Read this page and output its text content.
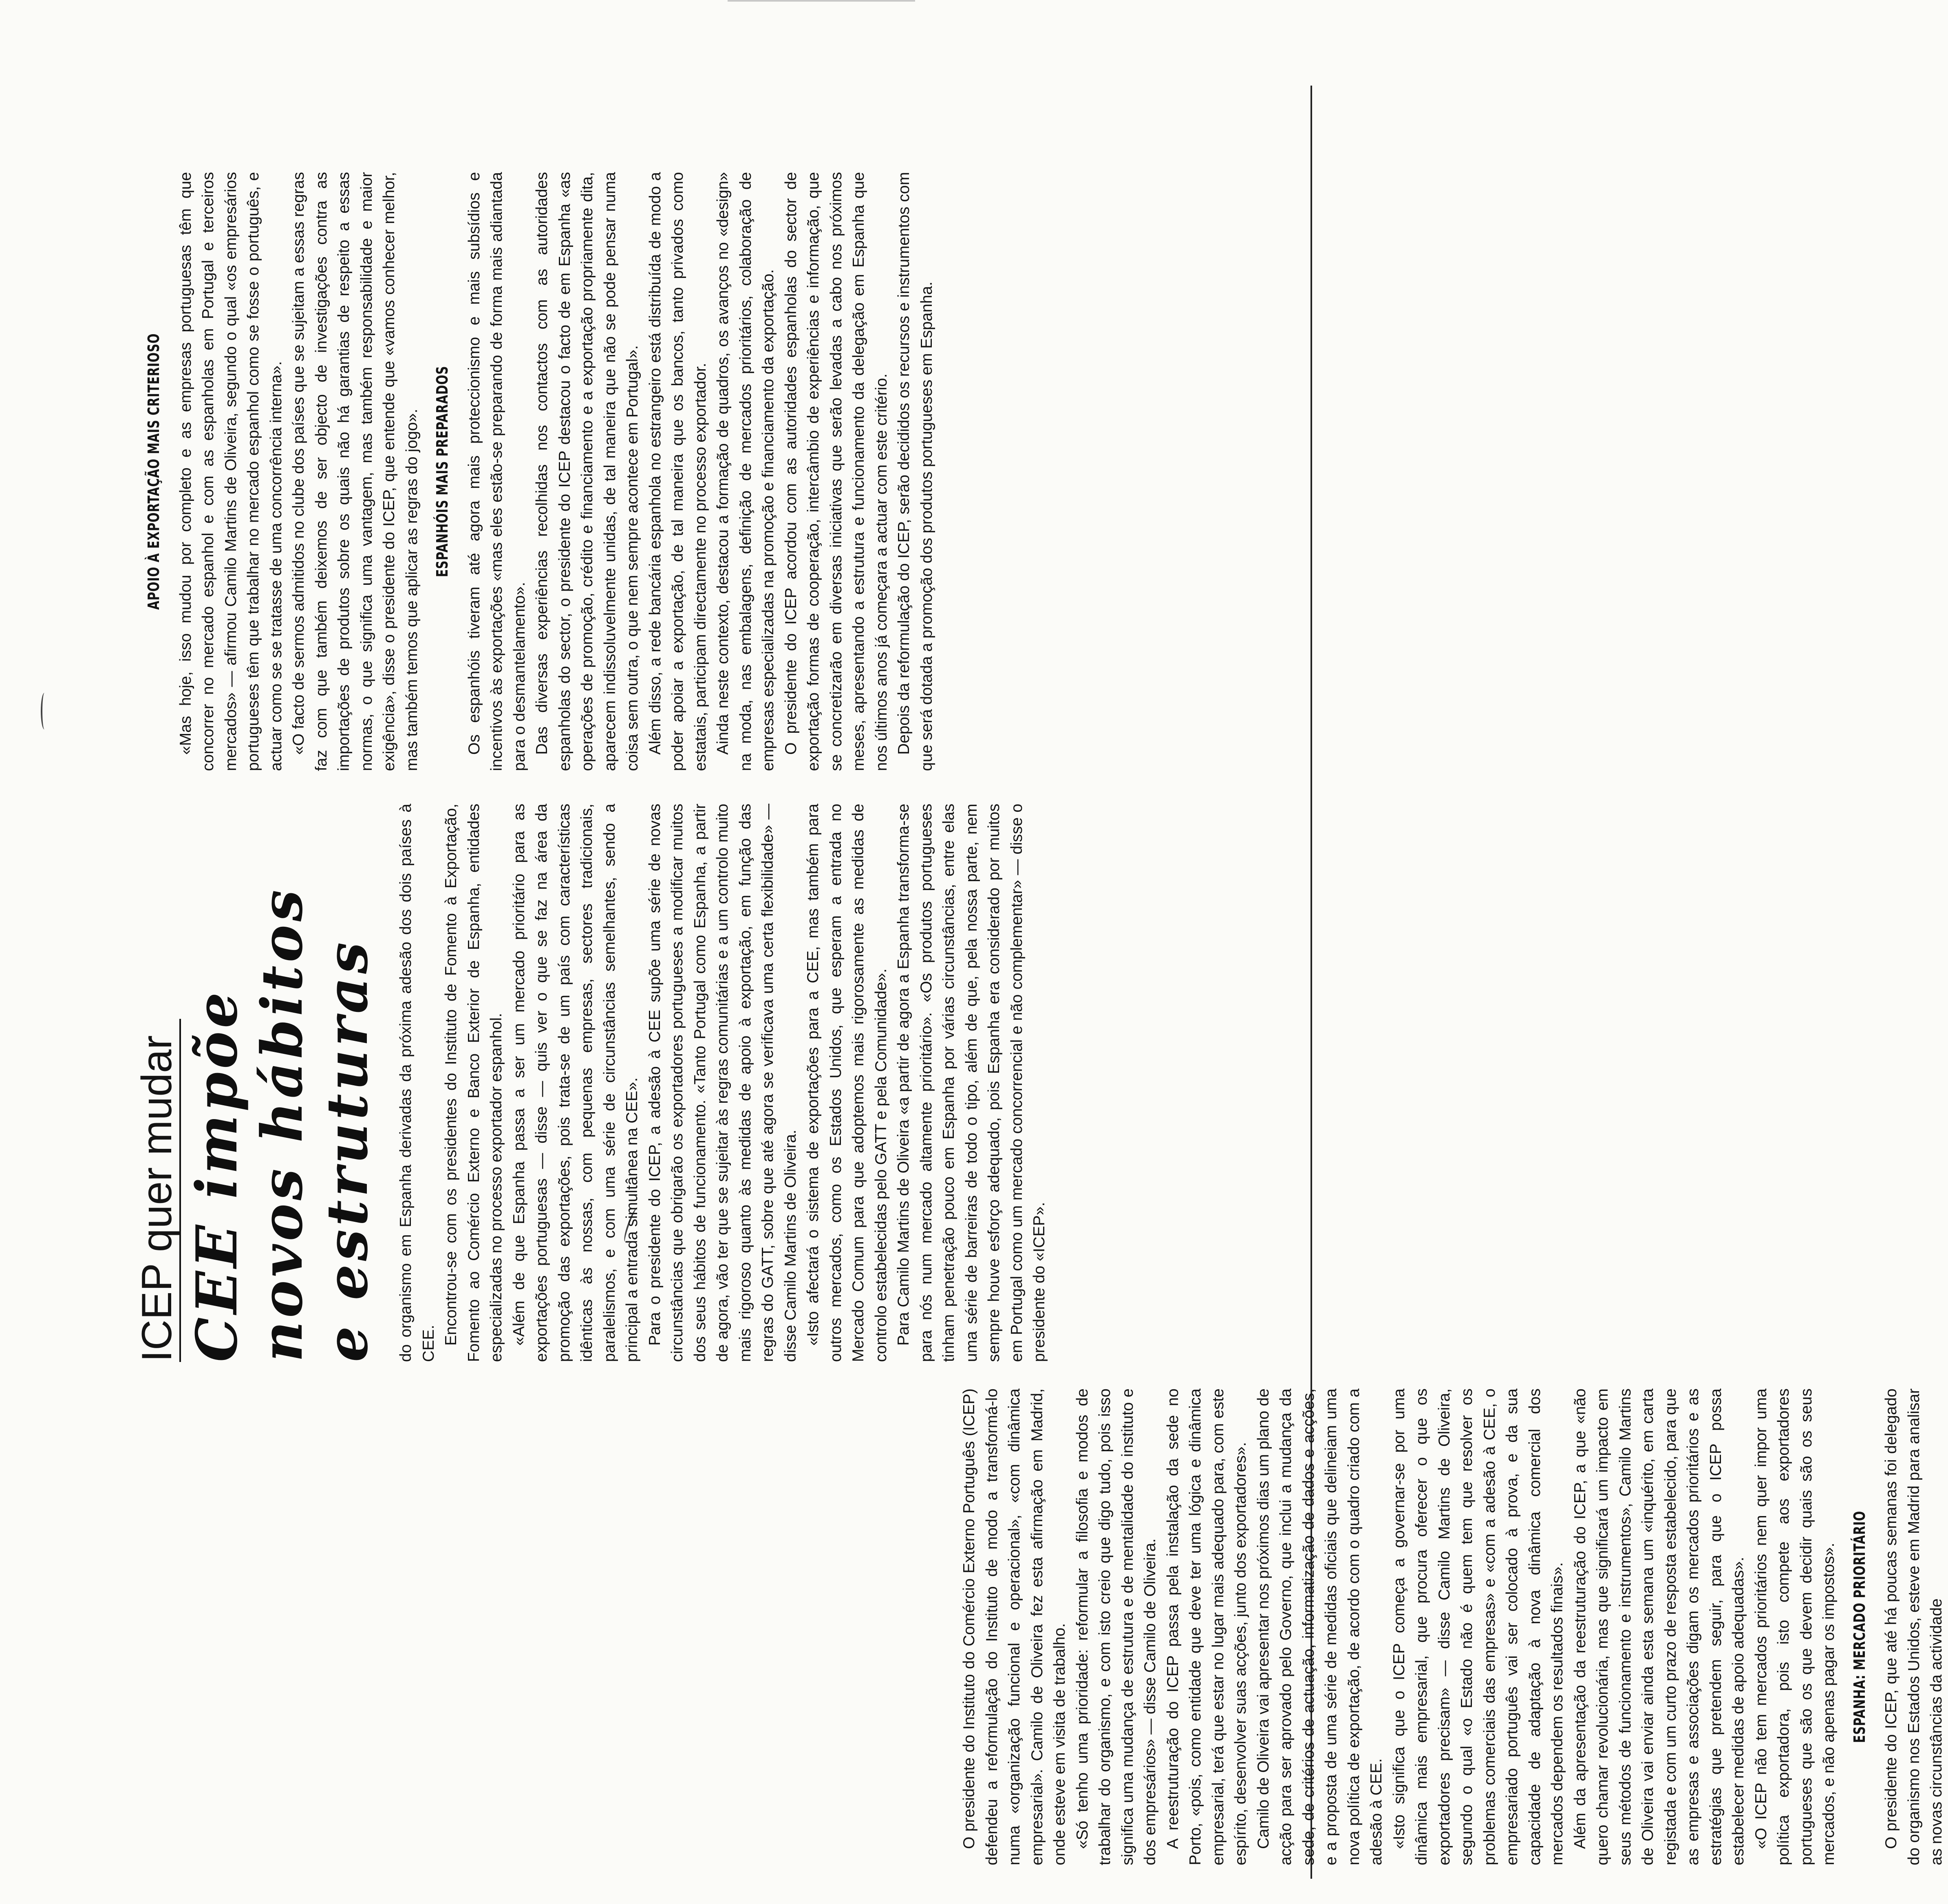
O presidente do Instituto do Comércio Externo Português (ICEP) defendeu a reformulação do Instituto de modo a transformá-lo numa «organização funcional e operacional», «com dinâmica empresarial». Camilo de Oliveira fez esta afirmação em Madrid, onde esteve em visita de trabalho. «Só tenho uma prioridade: reformular a filosofia e modos de trabalhar do organismo, e com isto creio que digo tudo, pois isso significa uma mudança de estrutura e de mentalidade do instituto e dos empresários» — disse Camilo de Oliveira. A reestruturação do ICEP passa pela instalação da sede no Porto, «pois, como entidade que deve ter uma lógica e dinâmica empresarial, terá que estar no lugar mais adequado para, com este espírito, desenvolver suas acções, junto dos exportadores». Camilo de Oliveira vai apresentar nos próximos dias um plano de acção para ser aprovado pelo Governo, que inclui a mudança da sede, de critérios de actuação, informatização de dados e acções, e a proposta de uma série de medidas oficiais que delineiam uma nova política de exportação, de acordo com o quadro criado com a adesão à CEE. «Isto significa que o ICEP começa a governar-se por uma dinâmica mais empresarial, que procura oferecer o que os exportadores precisam» — disse Camilo Martins de Oliveira, segundo o qual «o Estado não é quem tem que resolver os problemas comerciais das empresas» e «com a adesão à CEE, o empresariado português vai ser colocado à prova, e da sua capacidade de adaptação à nova dinâmica comercial dos mercados dependem os resultados finais». Além da apresentação da reestruturação do ICEP, a que «não quero chamar revolucionária, mas que significará um impacto em seus métodos de funcionamento e instrumentos», Camilo Martins de Oliveira vai enviar ainda esta semana um «inquérito, em carta registada e com um curto prazo de resposta estabelecido, para que as empresas e associações digam os mercados prioritários e as estratégias que pretendem seguir, para que o ICEP possa estabelecer medidas de apoio adequadas». «O ICEP não tem mercados prioritários nem quer impor uma política exportadora, pois isto compete aos exportadores portugueses que são os que devem decidir quais são os seus mercados, e não apenas pagar os impostos». ESPANHA: MERCADO PRIORITÁRIO O presidente do ICEP, que até há poucas semanas foi delegado do organismo nos Estados Unidos, esteve em Madrid para analisar as novas circunstâncias da actividade

ICEP quer mudar CEE impõe
novos hábitos
e estruturas do organismo em Espanha derivadas da próxima adesão dos dois países à CEE. Encontrou-se com os presidentes do Instituto de Fomento à Exportação, Fomento ao Comércio Externo e Banco Exterior de Espanha, entidades especializadas no processo exportador espanhol. «Além de que Espanha passa a ser um mercado prioritário para as exportações portuguesas — disse — quis ver o que se faz na área da promoção das exportações, pois trata-se de um país com características idênticas às nossas, com pequenas empresas, sectores tradicionais, paralelismos, e com uma série de circunstâncias semelhantes, sendo a principal a entrada simultânea na CEE». Para o presidente do ICEP, a adesão à CEE supõe uma série de novas circunstâncias que obrigarão os exportadores portugueses a modificar muitos dos seus hábitos de funcionamento. «Tanto Portugal como Espanha, a partir de agora, vão ter que se sujeitar às regras comunitárias e a um controlo muito mais rigoroso quanto às medidas de apoio à exportação, em função das regras do GATT, sobre que até agora se verificava uma certa flexibilidade» — disse Camilo Martins de Oliveira. «Isto afectará o sistema de exportações para a CEE, mas também para outros mercados, como os Estados Unidos, que esperam a entrada no Mercado Comum para que adoptemos mais rigorosamente as medidas de controlo estabelecidas pelo GATT e pela Comunidade». Para Camilo Martins de Oliveira «a partir de agora a Espanha transforma-se para nós num mercado altamente prioritário». «Os produtos portugueses tinham penetração pouco em Espanha por várias circunstâncias, entre elas uma série de barreiras de todo o tipo, além de que, pela nossa parte, nem sempre houve esforço adequado, pois Espanha era considerado por muitos em Portugal como um mercado concorrencial e não complementar» — disse o presidente do «ICEP».

APOIO À EXPORTAÇÃO MAIS CRITERIOSO «Mas hoje, isso mudou por completo e as empresas portuguesas têm que concorrer no mercado espanhol e com as espanholas em Portugal e terceiros mercados» — afirmou Camilo Martins de Oliveira, segundo o qual «os empresários portugueses têm que trabalhar no mercado espanhol como se fosse o português, e actuar como se se tratasse de uma concorrência interna». «O facto de sermos admitidos no clube dos países que se sujeitam a essas regras faz com que também deixemos de ser objecto de investigações contra as importações de produtos sobre os quais não há garantias de respeito a essas normas, o que significa uma vantagem, mas também responsabilidade e maior exigência», disse o presidente do ICEP, que entende que «vamos conhecer melhor, mas também temos que aplicar as regras do jogo». ESPANHÓIS MAIS PREPARADOS Os espanhóis tiveram até agora mais proteccionismo e mais subsídios e incentivos às exportações «mas eles estão-se preparando de forma mais adiantada para o desmantelamento». Das diversas experiências recolhidas nos contactos com as autoridades espanholas do sector, o presidente do ICEP destacou o facto de em Espanha «as operações de promoção, crédito e financiamento e a exportação propriamente dita, aparecem indissoluvelmente unidas, de tal maneira que não se pode pensar numa coisa sem outra, o que nem sempre acontece em Portugal». Além disso, a rede bancária espanhola no estrangeiro está distribuída de modo a poder apoiar a exportação, de tal maneira que os bancos, tanto privados como estatais, participam directamente no processo exportador. Ainda neste contexto, destacou a formação de quadros, os avanços no «design» na moda, nas embalagens, definição de mercados prioritários, colaboração de empresas especializadas na promoção e financiamento da exportação. O presidente do ICEP acordou com as autoridades espanholas do sector de exportação formas de cooperação, intercâmbio de experiências e informação, que se concretizarão em diversas iniciativas que serão levadas a cabo nos próximos meses, apresentando a estrutura e funcionamento da delegação em Espanha que nos últimos anos já começara a actuar com este critério. Depois da reformulação do ICEP, serão decididos os recursos e instrumentos com que será dotada a promoção dos produtos portugueses em Espanha.
